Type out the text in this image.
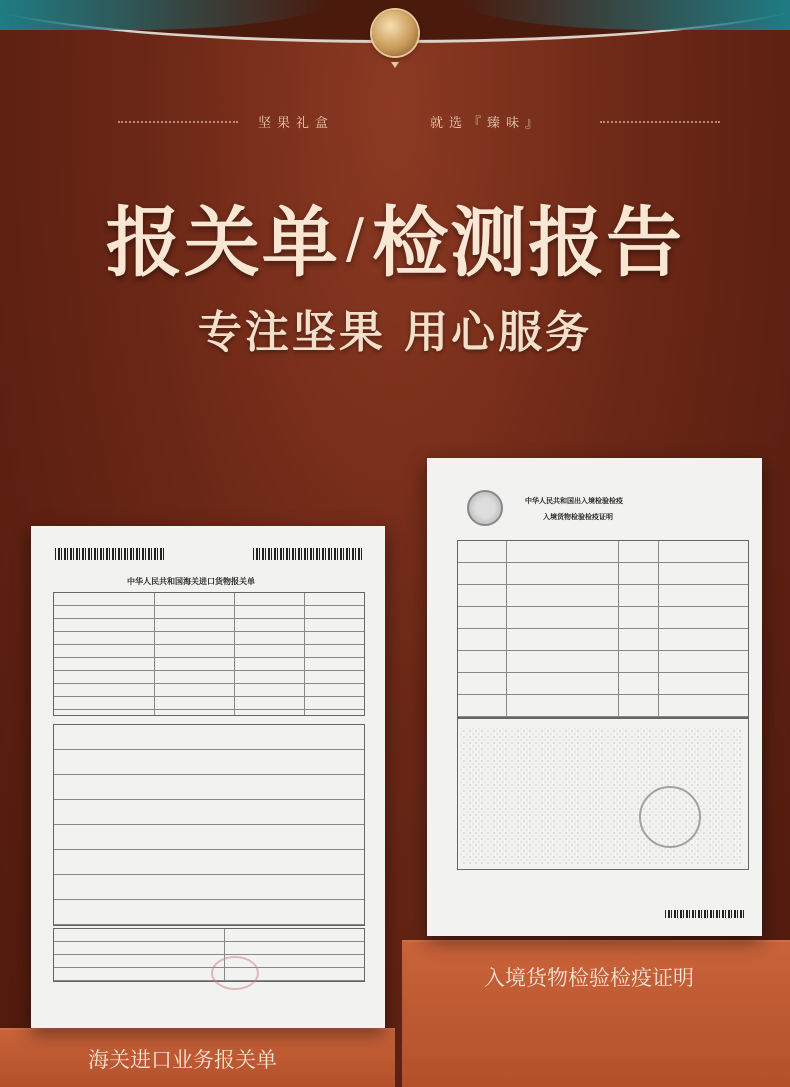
坚果礼盒	就选『臻味』
报关单 /检测报告
专注坚果 用心服务
中华人民共和国海关进口货物报关单
中华人民共和国出入境检验检疫
入境货物检验检疫证明
海关进口业务报关单
入境货物检验检疫证明
